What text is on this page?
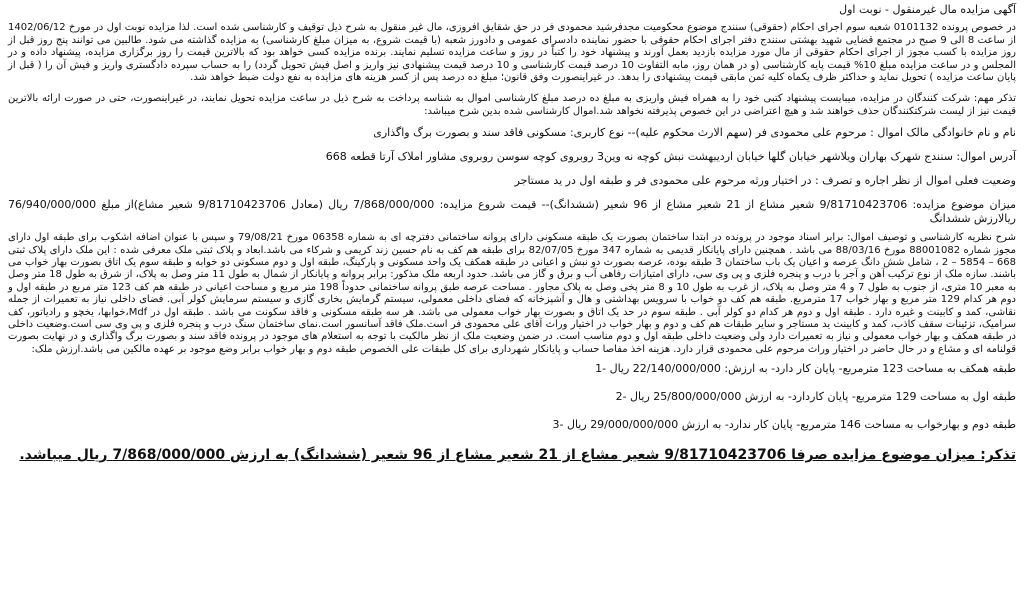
آگهی مزایده مال غیرمنقول - نوبت اول

در خصوص پرونده 0101132 شعبه سوم اجرای احکام (حقوقی) سنندج موضوع محکومیت مجدفرشید محمودی فر در حق شقایق افروزی، مال غیر منقول به شرح ذیل توقیف و کارشناسی شده است. لذا مزایده نوبت اول در مورخ 1402/06/12 از ساعت 8 الی 9 صبح در مجتمع قضایی شهید بهشتی سنندج دفتر اجرای احکام حقوقی با حضور نماینده دادسرای عمومی و دادورز شعبه (با قیمت شروع، به میزان مبلغ کارشناسی) به مزایده گذاشته می شود. طالبین می توانند پنج روز قبل از روز مزایده با کسب مجوز از اجرای احکام حقوقی از مال مورد مزایده بازدید بعمل آورند و پیشنهاد خود را کتباً در روز و ساعت مزایده تسلیم نمایند. برنده مزایده کسی خواهد بود که بالاترین قیمت را روز برگزاری مزایده، پیشنهاد داده و در المجلس و در ساعت مزایده مبلغ 10% قیمت پایه کارشناسی (و در همان روز، مابه التفاوت 10 درصد قیمت کارشناسی و 10 درصد قیمت پیشنهادی نیز واریز و اصل فیش تحویل گردد) را به حساب سپرده دادگستری واریز و فیش آن را ( قبل از پایان ساعت مزایده ) تحویل نماید و حداکثر ظرف یکماه کلیه ثمن مابقی قیمت پیشنهادی را بدهد. در غیراینصورت وفق قانون؛ مبلغ ده درصد پس از کسر هزینه های مزایده به نفع دولت ضبط خواهد شد.

تذکر مهم: شرکت کنندگان در مزایده، میبایست پیشنهاد کتبی خود را به همراه فیش واریزی به مبلغ ده درصد مبلغ کارشناسی اموال به شناسه پرداخت به شرح ذیل در ساعت مزایده تحویل نمایند، در غیراینصورت، حتی در صورت ارائه بالاترین قیمت نیز از لیست شرکتکنندگان حذف خواهند شد و هیچ اعتراضی در این خصوص پذیرفته نخواهد شد.اموال کارشناسی شده بدین شرح میباشد:

نام و نام خانوادگی مالک اموال : مرحوم علی محمودی فر (سهم الارث محکوم علیه)-- نوع کاربری: مسکونی فاقد سند و بصورت برگ واگذاری

آدرس اموال: سنندج شهرک بهاران ویلاشهر خیابان گلها خیابان اردیبهشت نبش کوچه نه وین3 روبروی کوچه سوسن روبروی مشاور املاک آرتا قطعه 668

وضعیت فعلی اموال از نظر اجاره و تصرف : در اختیار ورثه مرحوم علی محمودی فر و طبقه اول در ید مستاجر

میزان موضوع مزایده: 9/81710423706 شعیر مشاع از 21 شعیر مشاع از 96 شعیر (ششدانگ)-- قیمت شروع مزایده: 7/868/000/000 ریال (معادل 9/81710423706 شعیر مشاع)از مبلغ 76/940/000/000 ریالارزش ششدانگ

شرح نظریه کارشناسی و توصیف اموال: برابر اسناد موجود در پرونده در ابتدا ساختمان بصورت یک طبقه مسکونی دارای پروانه ساختمانی دفترچه ای به شماره 06358 مورخ 79/08/21 و سپس با عنوان اضافه اشکوب برای طبقه اول دارای مجوز شماره 88001082 مورخ 88/03/16 می باشد . همچنین دارای پایانکار قدیمی به شماره 347 مورخ 82/07/05 برای طبقه هم کف به نام حسین زند کریمی و شرکاء می باشد.ابعاد و پلاک ثبتی ملک معرفی شده : این ملک دارای پلاک ثبتی 668 – 5854 – 2 ، شامل شش دانگ عرصه و اعیان یک باب ساختمان 3 طبقه بوده، عرصه بصورت دو نبش و اعیانی در طبقه همکف یک واحد مسکونی و پارکینگ، طبقه اول و دوم مسکونی دو خوابه و طبقه سوم یک اتاق بصورت بهار خواب می باشند. سازه ملک از نوع ترکیب آهن و آجر با درب و پنجره فلزی و پی وی سی، دارای امتیازات رفاهی آب و برق و گاز می باشد. حدود اربعه ملک مذکور: برابر پروانه و پایانکار از شمال به طول 11 متر وصل به پلاک، از شرق به طول 18 متر وصل به معبر 10 متری، از جنوب به طول 7 و 4 متر وصل به پلاک، از غرب به طول 10 و 8 متر پخی وصل به پلاک مجاور . مساحت عرصه طبق پروانه ساختمانی حدوداً 198 متر مربع و مساحت اعیانی در طبقه هم کف 123 متر مربع در طبقه اول و دوم هر کدام 129 متر مربع و بهار خواب 17 مترمربع. طبقه هم کف دو خواب با سرویس بهداشتی و هال و آشپزخانه که فضای داخلی معمولی، سیستم گرمایش بخاری گازی و سیستم سرمایش کولر آبی. فضای داخلی نیاز به تعمیرات از جمله نقاشی، کمد و کابینت و غیره دارد . طبقه اول و دوم هر کدام دو کولر آبی . طبقه سوم در حد یک اتاق و بصورت بهار خواب معمولی می باشد. هر سه طبقه مسکونی و فاقد سکونت می باشد . طبقه اول در Mdf،خوابها، یخچو و رادیاتور، کف سرامیک، تزئینات سقف کاذب، کمد و کابینت ید مستاجر و سایر طبقات هم کف و دوم و بهار خواب در اختیار وراث آقای علی محمودی فر است.ملک فاقد آسانسور است.نمای ساختمان سنگ درب و پنجره فلزی و پی وی سی است.وضعیت داخلی در طبقه همکف و بهار خواب معمولی و نیاز به تعمیرات دارد ولی وضعیت داخلی طبقه اول و دوم مناسب است. در ضمن وضعیت ملک از نظر مالکیت با توجه به استعلام های موجود در پرونده فاقد سند و بصورت برگ واگذاری و در نهایت بصورت قولنامه ای و مشاع و در حال حاضر در اختیار وراث مرحوم علی محمودی قرار دارد. هزینه اخذ مفاصا حساب و پایانکار شهرداری برای کل طبقات علی الخصوص طبقه دوم و بهار خواب برابر وضع موجود بر عهده مالکین می باشد.ارزش ملک:

طبقه همکف به مساحت 123 مترمربع- پایان کار دارد- به ارزش: 22/140/000/000 ریال -1

طبقه اول به مساحت 129 مترمربع- پایان کاردارد- به ارزش 25/800/000/000 ریال -2

طبقه دوم و بهارخواب به مساحت 146 مترمربع- پایان کار ندارد- به ارزش 29/000/000/000 ریال -3

تذکر: میزان موضوع مزایده صرفا 9/81710423706 شعیر مشاع از 21 شعیر مشاع از 96 شعیر (ششدانگ) به ارزش 7/868/000/000 ریال میباشد.
